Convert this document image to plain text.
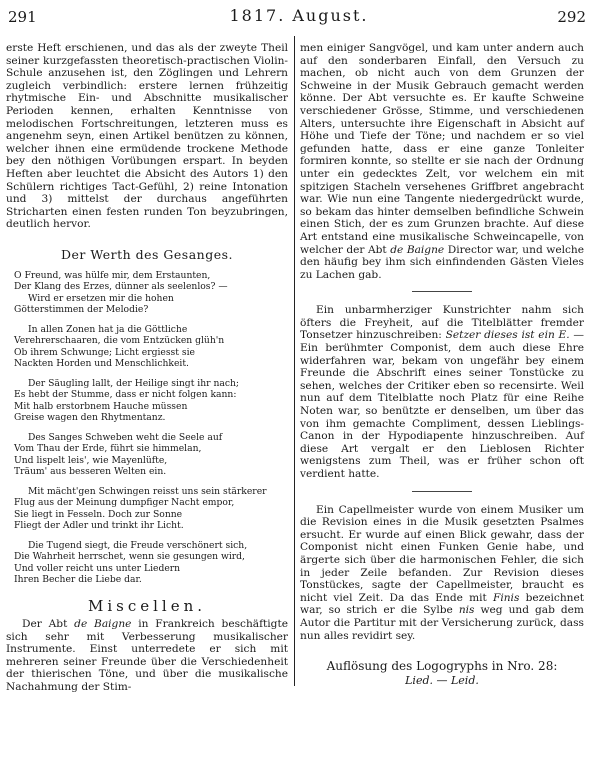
291	1817. August.	292

erste Heft erschienen, und das als der zweyte Theil seiner kurzgefassten theoretisch-practischen Violin-Schule anzusehen ist, den Zöglingen und Lehrern zugleich verbindlich: erstere lernen frühzeitig rhytmische Ein- und Abschnitte musikalischer Perioden kennen, erhalten Kenntnisse von melodischen Fortschreitungen, letzteren muss es angenehm seyn, einen Artikel benützen zu können, welcher ihnen eine ermüdende trockene Methode bey den nöthigen Vorübungen erspart. In beyden Heften aber leuchtet die Absicht des Autors 1) den Schülern richtiges Tact-Gefühl, 2) reine Intonation und 3) mittelst der durchaus angeführten Stricharten einen festen runden Ton beyzubringen, deutlich hervor.

Der Werth des Gesanges.
O Freund, was hülfe mir, dem Erstaunten,
Der Klang des Erzes, dünner als seelenlos? —
Wird er ersetzen mir die hohen
Götterstimmen der Melodie?
In allen Zonen hat ja die Göttliche
Verehrerschaaren, die vom Entzücken glüh'n
Ob ihrem Schwunge; Licht ergiesst sie
Nackten Horden und Menschlichkeit.
Der Säugling lallt, der Heilige singt ihr nach;
Es hebt der Stumme, dass er nicht folgen kann:
Mit halb erstorbnem Hauche müssen
Greise wagen den Rhytmentanz.
Des Sanges Schweben weht die Seele auf
Vom Thau der Erde, führt sie himmelan,
Und lispelt leis', wie Mayenlüfte,
Träum' aus besseren Welten ein.
Mit mächt'gen Schwingen reisst uns sein stärkerer
Flug aus der Meinung dumpfiger Nacht empor,
Sie liegt in Fesseln. Doch zur Sonne
Fliegt der Adler und trinkt ihr Licht.
Die Tugend siegt, die Freude verschönert sich,
Die Wahrheit herrschet, wenn sie gesungen wird,
Und voller reicht uns unter Liedern
Ihren Becher die Liebe dar.
Miscellen.

Der Abt de Baigne in Frankreich beschäftigte sich sehr mit Verbesserung musikalischer Instrumente. Einst unterredete er sich mit mehreren seiner Freunde über die Verschiedenheit der thierischen Töne, und über die musikalische Nachahmung der Stim-

men einiger Sangvögel, und kam unter andern auch auf den sonderbaren Einfall, den Versuch zu machen, ob nicht auch von dem Grunzen der Schweine in der Musik Gebrauch gemacht werden könne. Der Abt versuchte es. Er kaufte Schweine verschiedener Grösse, Stimme, und verschiedenen Alters, untersuchte ihre Eigenschaft in Absicht auf Höhe und Tiefe der Töne; und nachdem er so viel gefunden hatte, dass er eine ganze Tonleiter formiren konnte, so stellte er sie nach der Ordnung unter ein gedecktes Zelt, vor welchem ein mit spitzigen Stacheln versehenes Griffbret angebracht war. Wie nun eine Tangente niedergedrückt wurde, so bekam das hinter demselben befindliche Schwein einen Stich, der es zum Grunzen brachte. Auf diese Art entstand eine musikalische Schweincapelle, von welcher der Abt de Baigne Director war, und welche den häufig bey ihm sich einfindenden Gästen Vieles zu Lachen gab.

Ein unbarmherziger Kunstrichter nahm sich öfters die Freyheit, auf die Titelblätter fremder Tonsetzer hinzuschreiben: Setzer dieses ist ein E. — Ein berühmter Componist, dem auch diese Ehre widerfahren war, bekam von ungefähr bey einem Freunde die Abschrift eines seiner Tonstücke zu sehen, welches der Critiker eben so recensirte. Weil nun auf dem Titelblatte noch Platz für eine Reihe Noten war, so benützte er denselben, um über das von ihm gemachte Compliment, dessen Lieblings-Canon in der Hypodiapente hinzuschreiben. Auf diese Art vergalt er den Lieblosen Richter wenigstens zum Theil, was er früher schon oft verdient hatte.

Ein Capellmeister wurde von einem Musiker um die Revision eines in die Musik gesetzten Psalmes ersucht. Er wurde auf einen Blick gewahr, dass der Componist nicht einen Funken Genie habe, und ärgerte sich über die harmonischen Fehler, die sich in jeder Zeile befanden. Zur Revision dieses Tonstückes, sagte der Capellmeister, braucht es nicht viel Zeit. Da das Ende mit Finis bezeichnet war, so strich er die Sylbe nis weg und gab dem Autor die Partitur mit der Versicherung zurück, dass nun alles revidirt sey.

Auflösung des Logogryphs in Nro. 28:
Lied. — Leid.
